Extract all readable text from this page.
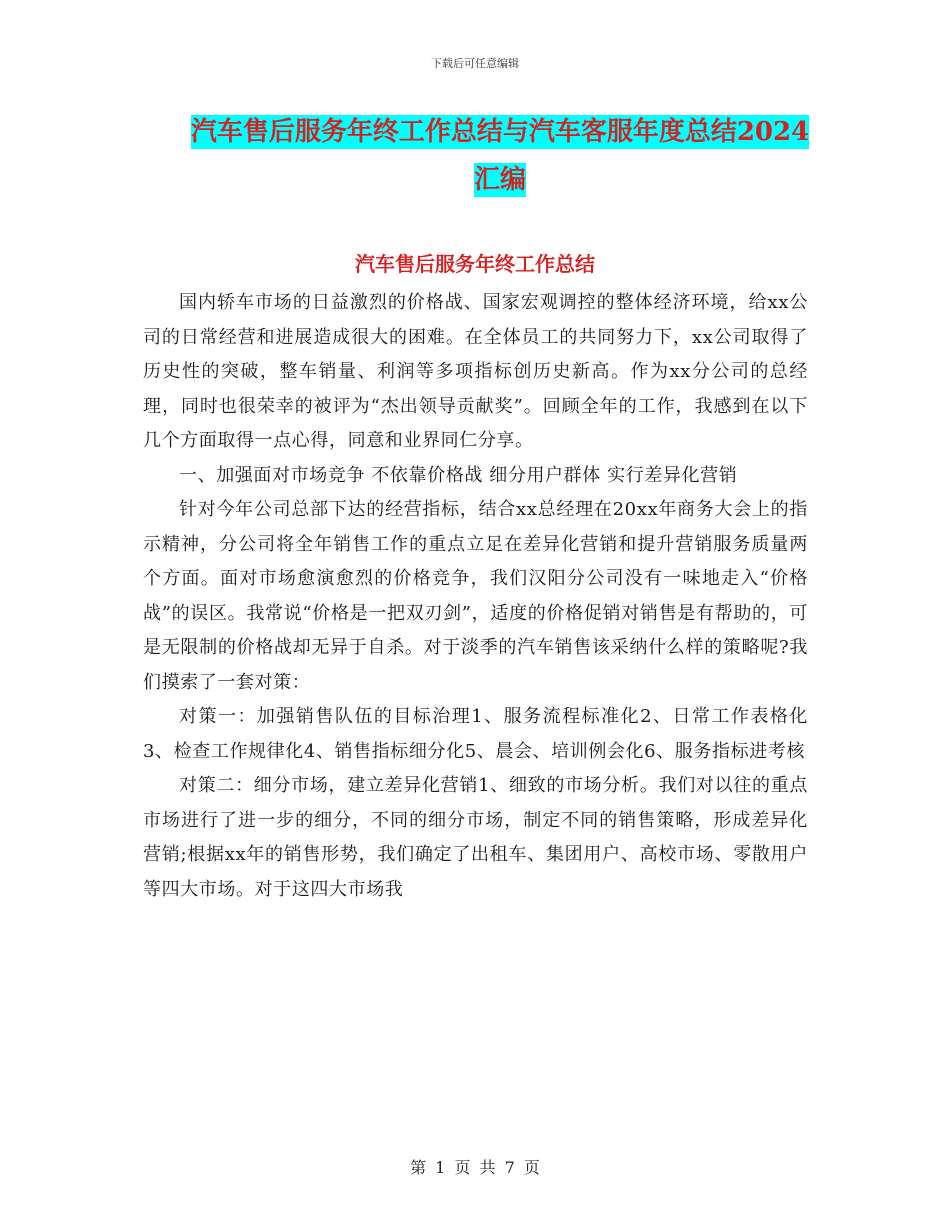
下载后可任意编辑
汽车售后服务年终工作总结与汽车客服年度总结2024
汇编
汽车售后服务年终工作总结

国内轿车市场的日益激烈的价格战、国家宏观调控的整体经济环境，给xx公司的日常经营和进展造成很大的困难。在全体员工的共同努力下，xx公司取得了历史性的突破，整车销量、利润等多项指标创历史新高。作为xx分公司的总经理，同时也很荣幸的被评为“杰出领导贡献奖”。回顾全年的工作，我感到在以下几个方面取得一点心得，同意和业界同仁分享。

一、加强面对市场竞争 不依靠价格战 细分用户群体 实行差异化营销

针对今年公司总部下达的经营指标，结合xx总经理在20xx年商务大会上的指示精神，分公司将全年销售工作的重点立足在差异化营销和提升营销服务质量两个方面。面对市场愈演愈烈的价格竞争，我们汉阳分公司没有一味地走入“价格战”的误区。我常说“价格是一把双刃剑”，适度的价格促销对销售是有帮助的，可是无限制的价格战却无异于自杀。对于淡季的汽车销售该采纳什么样的策略呢?我们摸索了一套对策：

对策一：加强销售队伍的目标治理1、服务流程标准化2、日常工作表格化3、检查工作规律化4、销售指标细分化5、晨会、培训例会化6、服务指标进考核

对策二：细分市场，建立差异化营销1、细致的市场分析。我们对以往的重点市场进行了进一步的细分，不同的细分市场，制定不同的销售策略，形成差异化营销;根据xx年的销售形势，我们确定了出租车、集团用户、高校市场、零散用户等四大市场。对于这四大市场我

第 1 页 共 7 页
